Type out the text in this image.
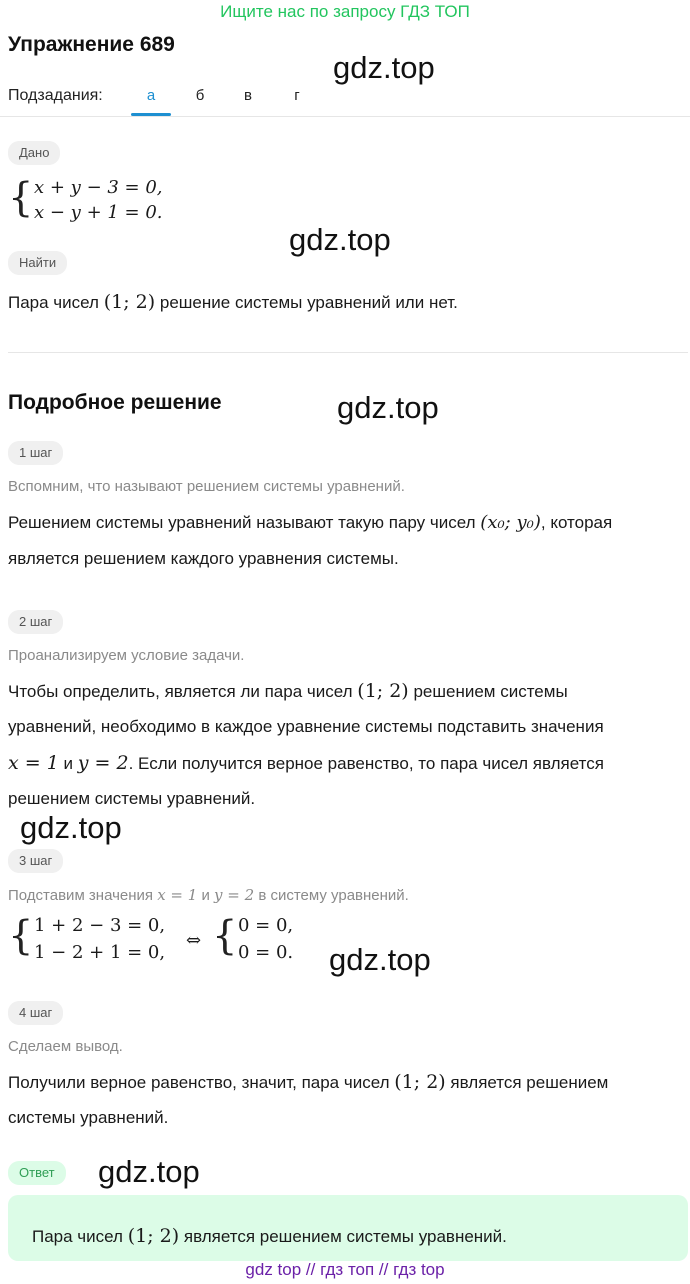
Ищите нас по запросу ГДЗ ТОП
Упражнение 689
gdz.top
Подзадания:	а	б	в	г
Дано
{ x + y − 3 = 0,
x − y + 1 = 0.
gdz.top
Найти
Пара чисел (1; 2) решение системы уравнений или нет.
Подробное решение	gdz.top
1 шаг
Вспомним, что называют решением системы уравнений.
Решением системы уравнений называют такую пару чисел (x₀; y₀), которая
является решением каждого уравнения системы.
2 шаг
Проанализируем условие задачи.
Чтобы определить, является ли пара чисел (1; 2) решением системы
уравнений, необходимо в каждое уравнение системы подставить значения
x = 1 и y = 2. Если получится верное равенство, то пара чисел является
решением системы уравнений.
gdz.top
3 шаг
Подставим значения x = 1 и y = 2 в систему уравнений.
{ 1 + 2 − 3 = 0,
1 − 2 + 1 = 0,
⇔ { 0 = 0,
0 = 0. gdz.top
4 шаг
Сделаем вывод.
Получили верное равенство, значит, пара чисел (1; 2) является решением
системы уравнений.
Ответ	gdz.top
Пара чисел (1; 2) является решением системы уравнений.
gdz top // гдз топ // гдз top
